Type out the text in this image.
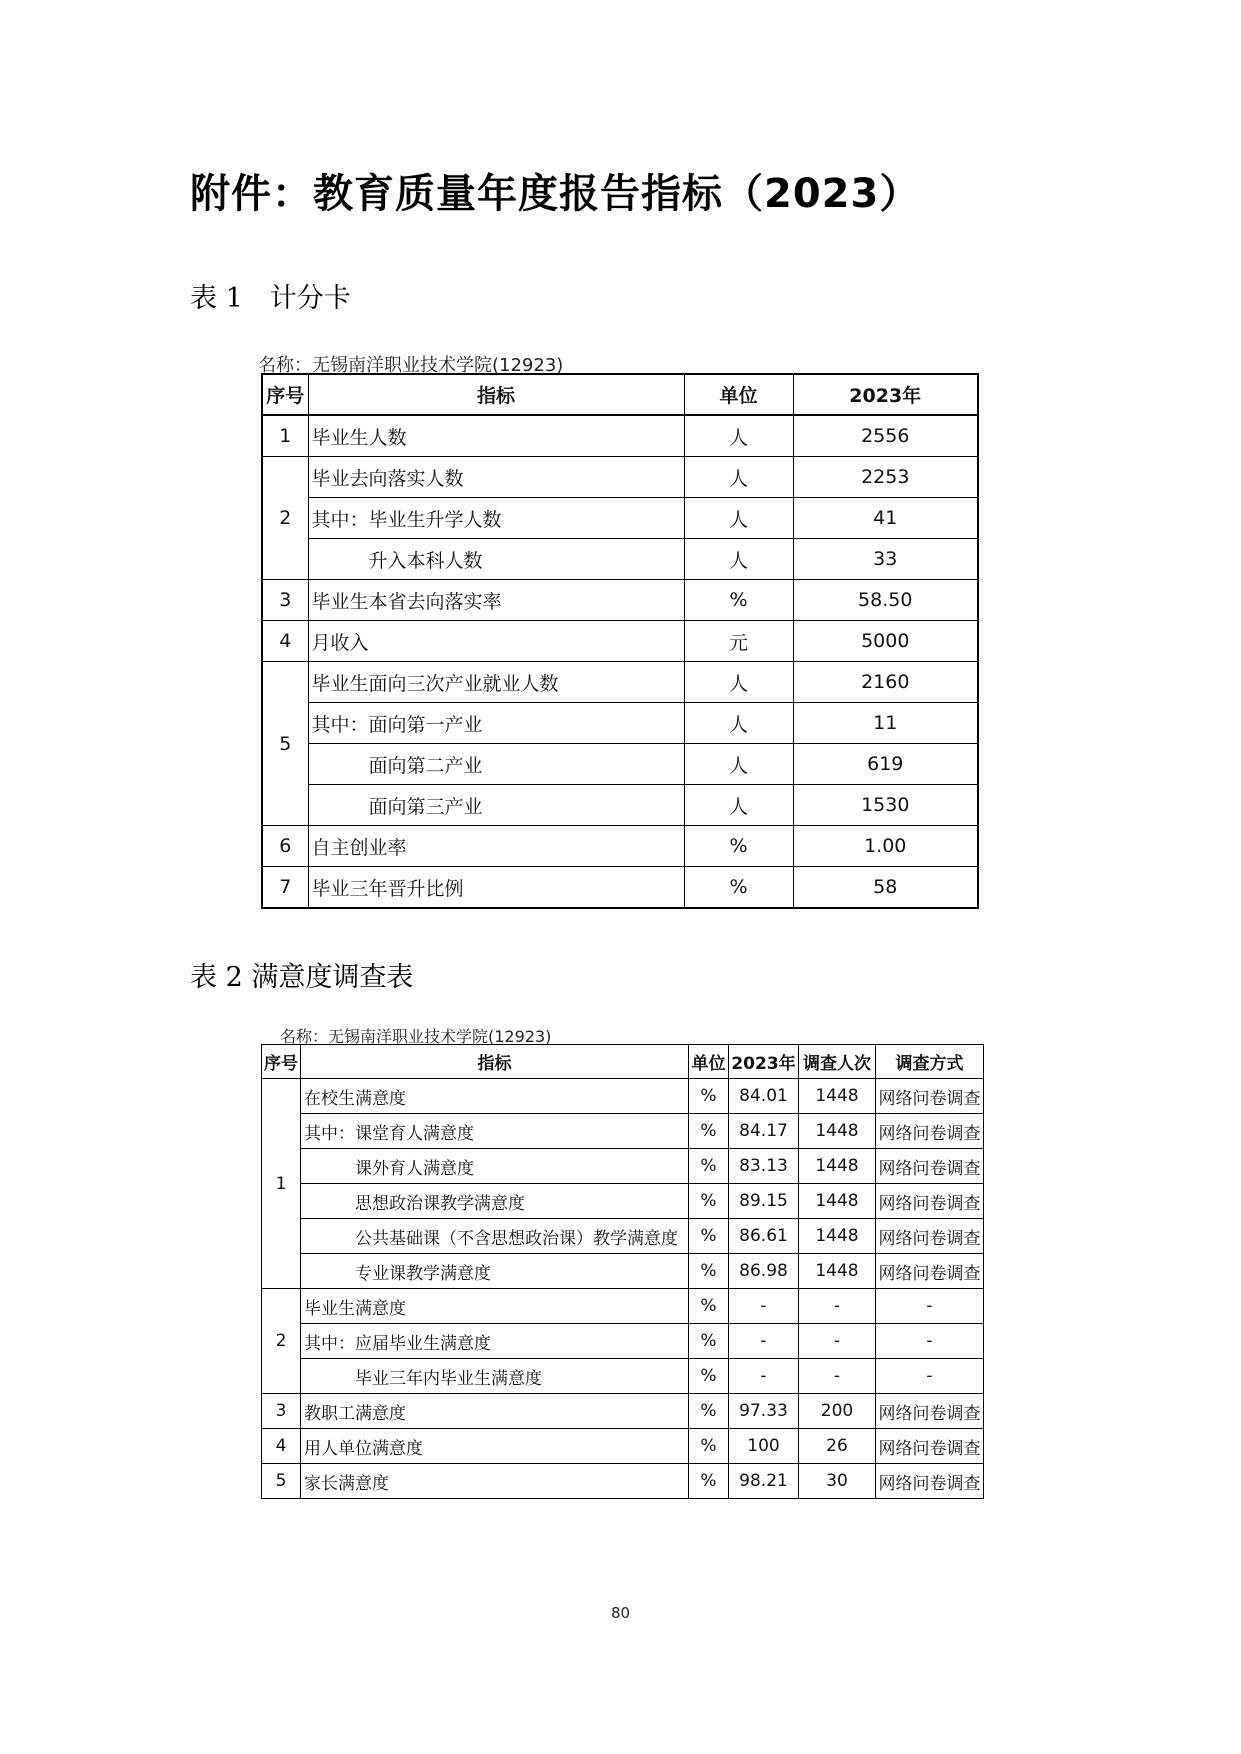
附件：教育质量年度报告指标（2023）
表 1　计分卡
名称：无锡南洋职业技术学院(12923)
序号	指标	单位	2023年
1	毕业生人数	人	2556
2	毕业去向落实人数	人	2253
	其中：毕业生升学人数	人	41
	升入本科人数	人	33
3	毕业生本省去向落实率	%	58.50
4	月收入	元	5000
5	毕业生面向三次产业就业人数	人	2160
	其中：面向第一产业	人	11
	面向第二产业	人	619
	面向第三产业	人	1530
6	自主创业率	%	1.00
7	毕业三年晋升比例	%	58
表 2 满意度调查表
名称：无锡南洋职业技术学院(12923)
序号	指标	单位	2023年	调查人次	调查方式
1	在校生满意度	%	84.01	1448	网络问卷调查
	其中：课堂育人满意度	%	84.17	1448	网络问卷调查
	课外育人满意度	%	83.13	1448	网络问卷调查
	思想政治课教学满意度	%	89.15	1448	网络问卷调查
	公共基础课（不含思想政治课）教学满意度	%	86.61	1448	网络问卷调查
	专业课教学满意度	%	86.98	1448	网络问卷调查
2	毕业生满意度	%	-	-	-
	其中：应届毕业生满意度	%	-	-	-
	毕业三年内毕业生满意度	%	-	-	-
3	教职工满意度	%	97.33	200	网络问卷调查
4	用人单位满意度	%	100	26	网络问卷调查
5	家长满意度	%	98.21	30	网络问卷调查
80
